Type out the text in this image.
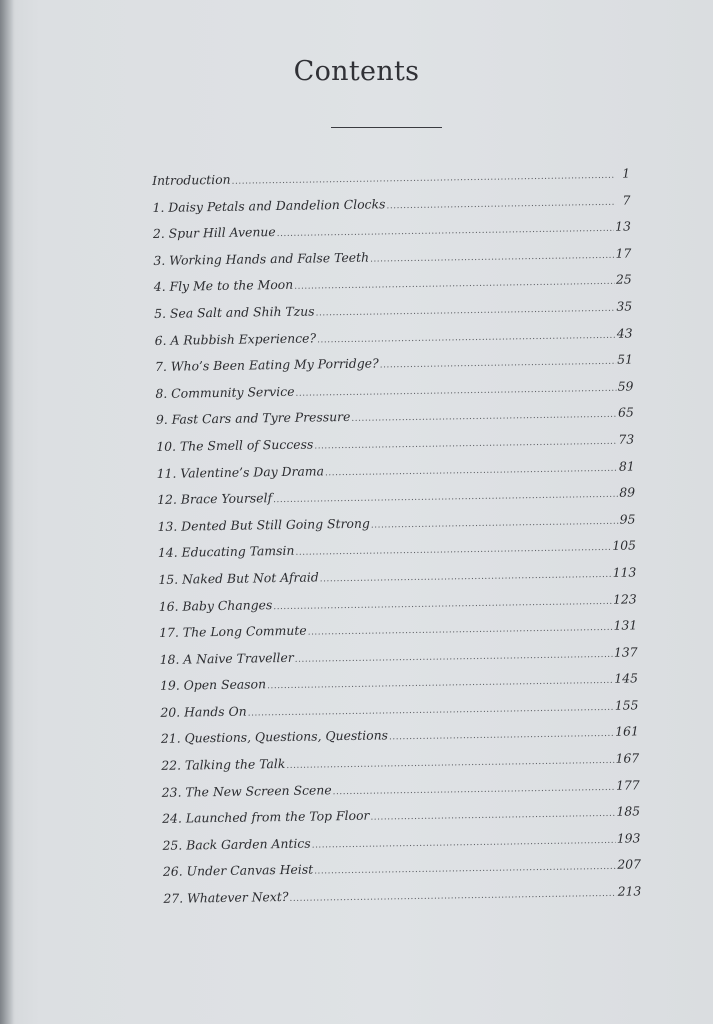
Contents
Introduction .....	1
1. Daisy Petals and Dandelion Clocks .....	7
2. Spur Hill Avenue .....	13
3. Working Hands and False Teeth .....	17
4. Fly Me to the Moon .....	25
5. Sea Salt and Shih Tzus .....	35
6. A Rubbish Experience? .....	43
7. Who’s Been Eating My Porridge? .....	51
8. Community Service .....	59
9. Fast Cars and Tyre Pressure .....	65
10. The Smell of Success .....	73
11. Valentine’s Day Drama .....	81
12. Brace Yourself .....	89
13. Dented But Still Going Strong .....	95
14. Educating Tamsin .....	105
15. Naked But Not Afraid .....	113
16. Baby Changes .....	123
17. The Long Commute .....	131
18. A Naive Traveller .....	137
19. Open Season .....	145
20. Hands On .....	155
21. Questions, Questions, Questions .....	161
22. Talking the Talk .....	167
23. The New Screen Scene .....	177
24. Launched from the Top Floor .....	185
25. Back Garden Antics .....	193
26. Under Canvas Heist .....	207
27. Whatever Next? .....	213
